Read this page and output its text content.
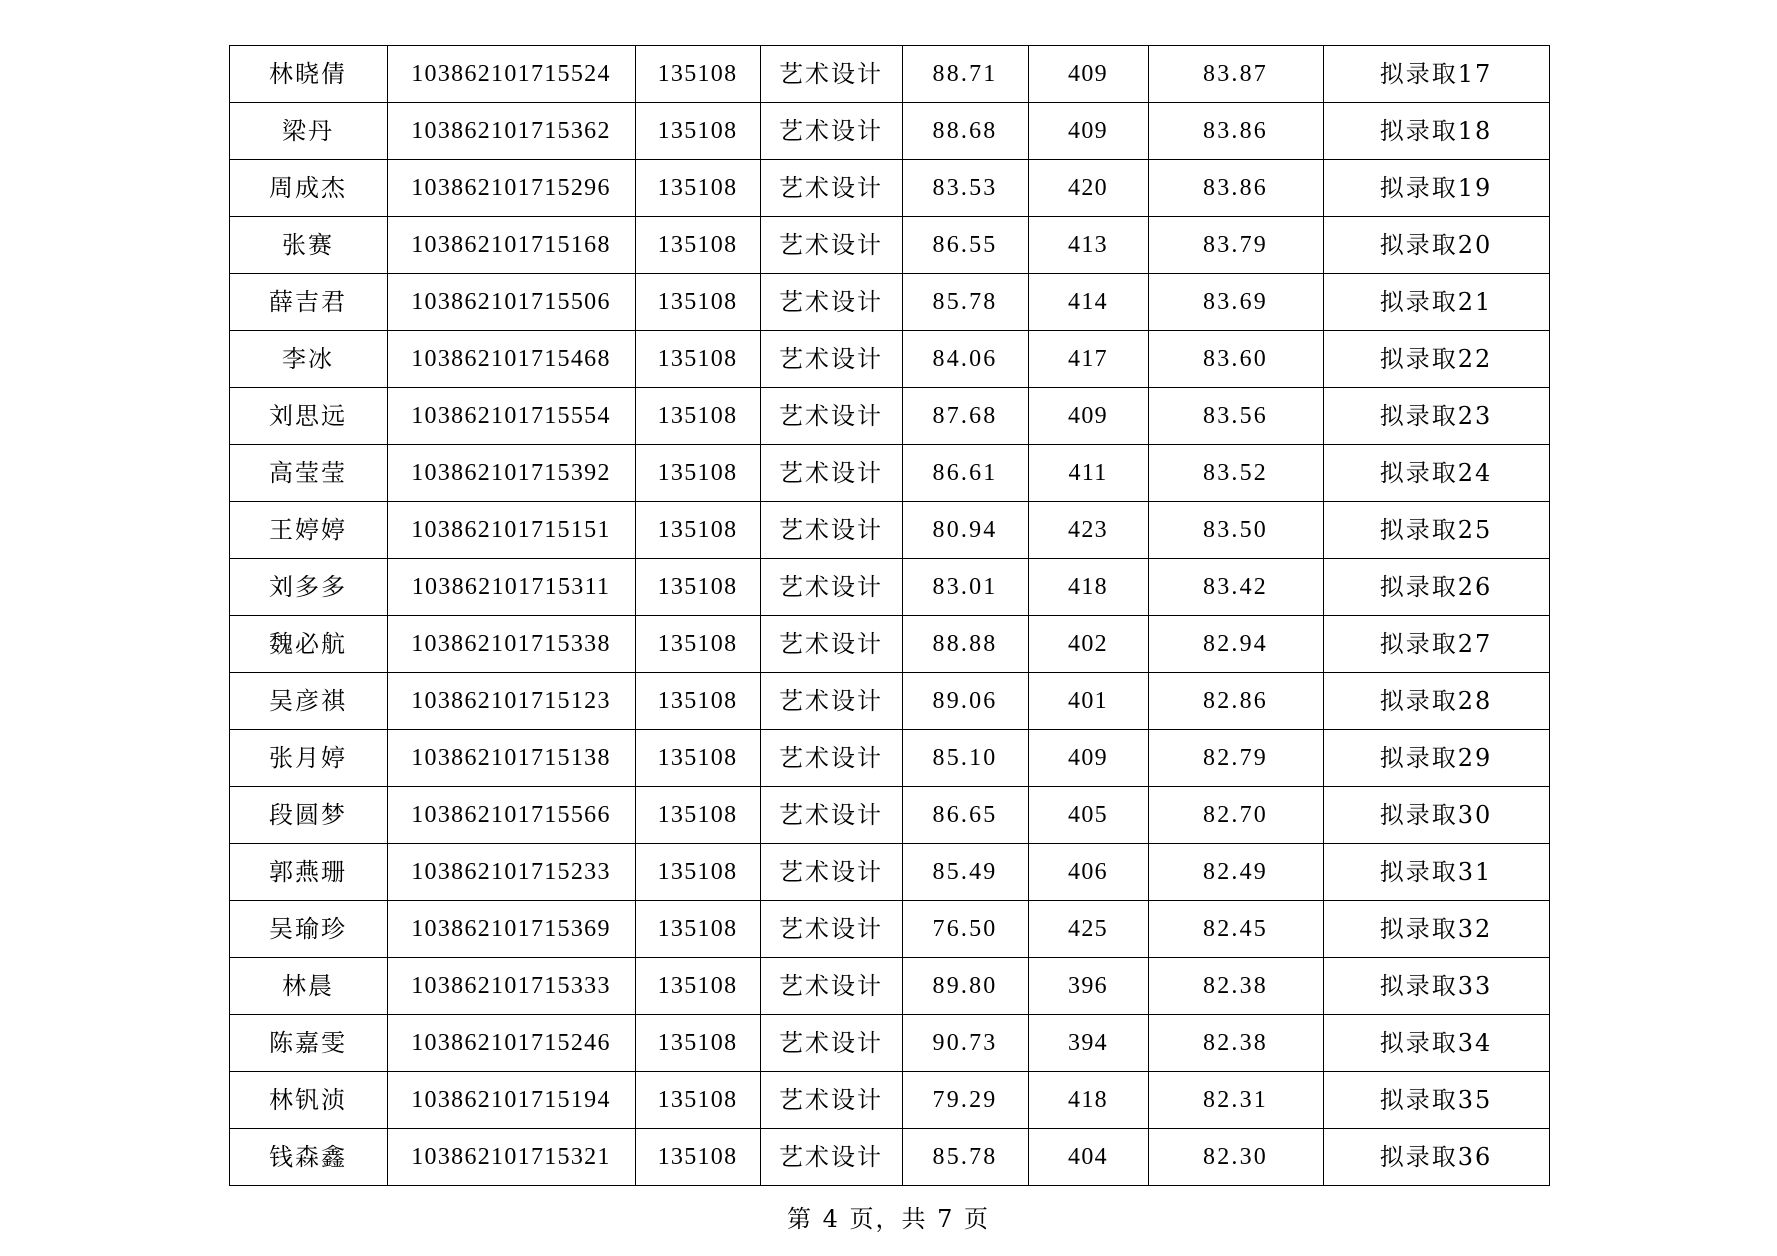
林晓倩	103862101715524	135108	艺术设计	88.71	409	83.87	拟录取17
梁丹	103862101715362	135108	艺术设计	88.68	409	83.86	拟录取18
周成杰	103862101715296	135108	艺术设计	83.53	420	83.86	拟录取19
张赛	103862101715168	135108	艺术设计	86.55	413	83.79	拟录取20
薛吉君	103862101715506	135108	艺术设计	85.78	414	83.69	拟录取21
李冰	103862101715468	135108	艺术设计	84.06	417	83.60	拟录取22
刘思远	103862101715554	135108	艺术设计	87.68	409	83.56	拟录取23
高莹莹	103862101715392	135108	艺术设计	86.61	411	83.52	拟录取24
王婷婷	103862101715151	135108	艺术设计	80.94	423	83.50	拟录取25
刘多多	103862101715311	135108	艺术设计	83.01	418	83.42	拟录取26
魏必航	103862101715338	135108	艺术设计	88.88	402	82.94	拟录取27
吴彦祺	103862101715123	135108	艺术设计	89.06	401	82.86	拟录取28
张月婷	103862101715138	135108	艺术设计	85.10	409	82.79	拟录取29
段圆梦	103862101715566	135108	艺术设计	86.65	405	82.70	拟录取30
郭燕珊	103862101715233	135108	艺术设计	85.49	406	82.49	拟录取31
吴瑜珍	103862101715369	135108	艺术设计	76.50	425	82.45	拟录取32
林晨	103862101715333	135108	艺术设计	89.80	396	82.38	拟录取33
陈嘉雯	103862101715246	135108	艺术设计	90.73	394	82.38	拟录取34
林钒浈	103862101715194	135108	艺术设计	79.29	418	82.31	拟录取35
钱森鑫	103862101715321	135108	艺术设计	85.78	404	82.30	拟录取36
第 4 页，共 7 页
